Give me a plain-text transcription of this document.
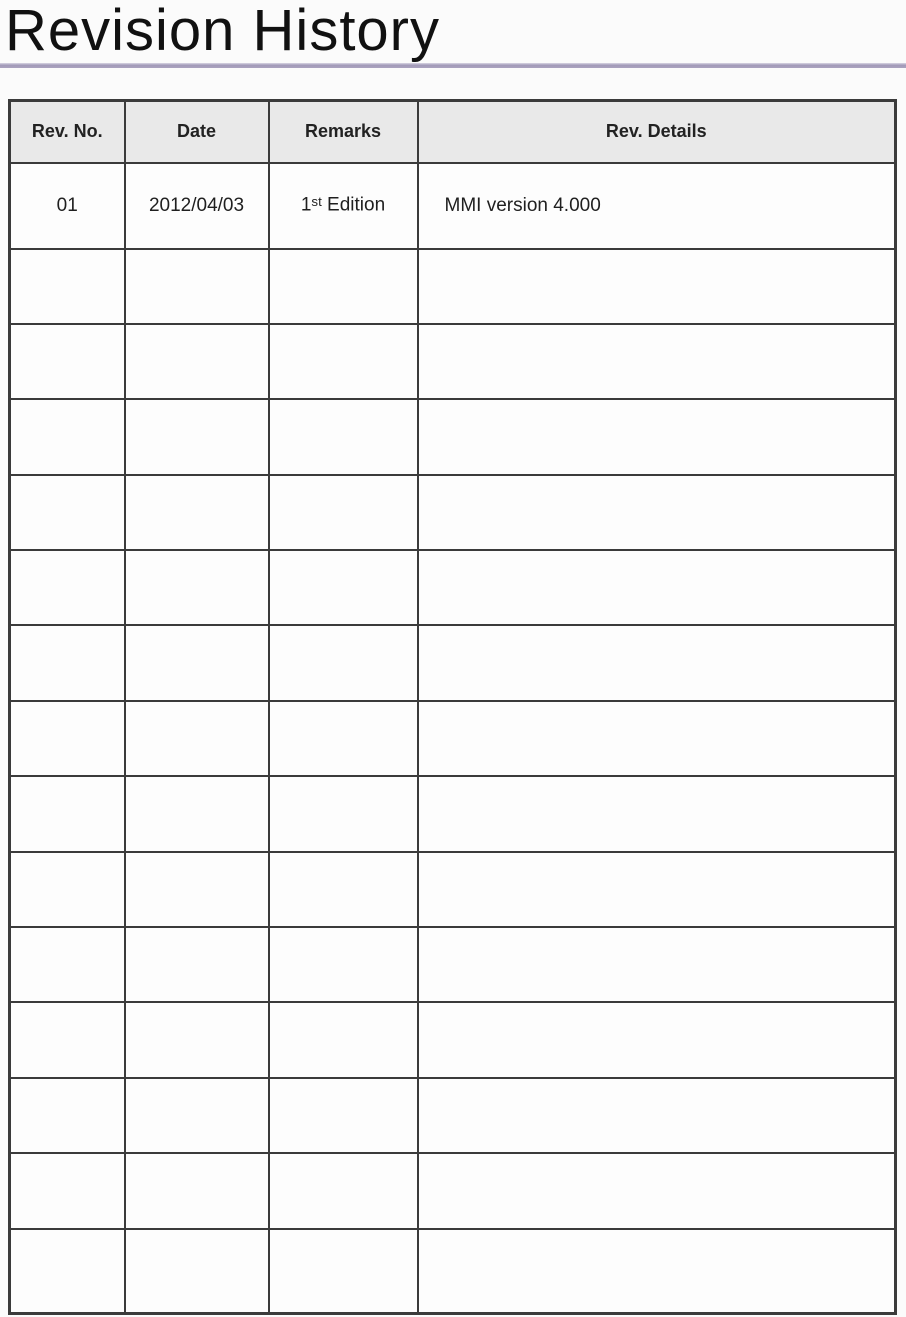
Revision History
Rev. No.	Date	Remarks	Rev. Details
01	2012/04/03	1st Edition	MMI version 4.000
